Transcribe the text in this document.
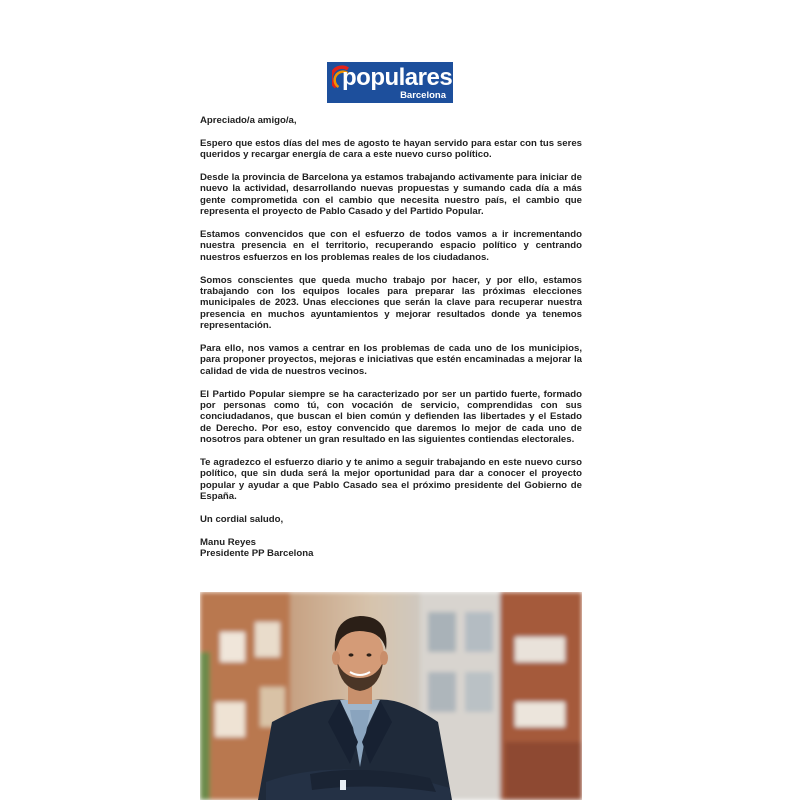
populares
Barcelona

Apreciado/a amigo/a,

Espero que estos días del mes de agosto te hayan servido para estar con tus seres queridos y recargar energía de cara a este nuevo curso político.

Desde la provincia de Barcelona ya estamos trabajando activamente para iniciar de nuevo la actividad, desarrollando nuevas propuestas y sumando cada día a más gente comprometida con el cambio que necesita nuestro país, el cambio que representa el proyecto de Pablo Casado y del Partido Popular.

Estamos convencidos que con el esfuerzo de todos vamos a ir incrementando nuestra presencia en el territorio, recuperando espacio político y centrando nuestros esfuerzos en los problemas reales de los ciudadanos.

Somos conscientes que queda mucho trabajo por hacer, y por ello, estamos trabajando con los equipos locales para preparar las próximas elecciones municipales de 2023. Unas elecciones que serán la clave para recuperar nuestra presencia en muchos ayuntamientos y mejorar resultados donde ya tenemos representación.

Para ello, nos vamos a centrar en los problemas de cada uno de los municipios, para proponer proyectos, mejoras e iniciativas que estén encaminadas a mejorar la calidad de vida de nuestros vecinos.

El Partido Popular siempre se ha caracterizado por ser un partido fuerte, formado por personas como tú, con vocación de servicio, comprendidas con sus conciudadanos, que buscan el bien común y defienden las libertades y el Estado de Derecho. Por eso, estoy convencido que daremos lo mejor de cada uno de nosotros para obtener un gran resultado en las siguientes contiendas electorales.

Te agradezco el esfuerzo diario y te animo a seguir trabajando en este nuevo curso político, que sin duda será la mejor oportunidad para dar a conocer el proyecto popular y ayudar a que Pablo Casado sea el próximo presidente del Gobierno de España.

Un cordial saludo,

Manu Reyes

Presidente PP Barcelona
